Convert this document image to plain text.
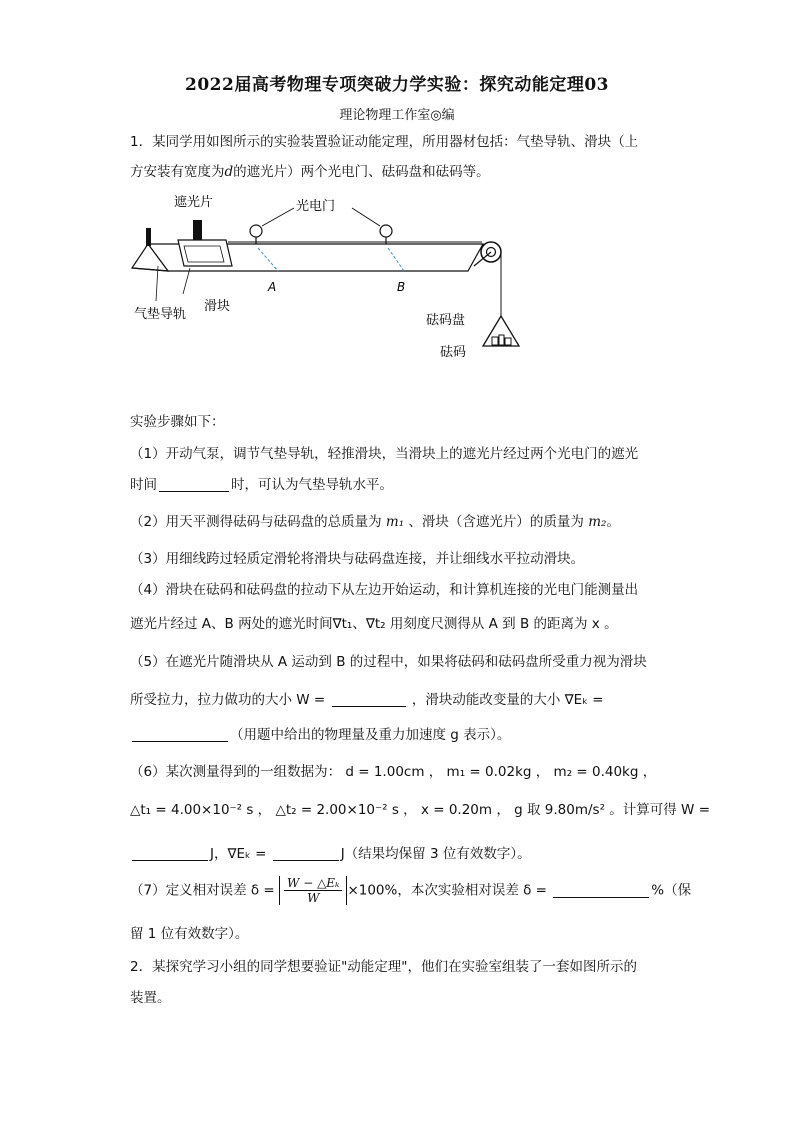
2022届高考物理专项突破力学实验：探究动能定理03
理论物理工作室◎编
1．某同学用如图所示的实验装置验证动能定理，所用器材包括：气垫导轨、滑块（上
方安装有宽度为d的遮光片）两个光电门、砝码盘和砝码等。
遮光片	光电门
A	B
滑块
气垫导轨	砝码盘
砝码
实验步骤如下：
（1）开动气泵，调节气垫导轨，轻推滑块，当滑块上的遮光片经过两个光电门的遮光
时间	时，可认为气垫导轨水平。
（2）用天平测得砝码与砝码盘的总质量为 m₁ 、滑块（含遮光片）的质量为 m₂。
（3）用细线跨过轻质定滑轮将滑块与砝码盘连接，并让细线水平拉动滑块。
（4）滑块在砝码和砝码盘的拉动下从左边开始运动，和计算机连接的光电门能测量出
遮光片经过 A、B 两处的遮光时间∇t₁、∇t₂ 用刻度尺测得从 A 到 B 的距离为 x 。
（5）在遮光片随滑块从 A 运动到 B 的过程中，如果将砝码和砝码盘所受重力视为滑块
所受拉力，拉力做功的大小 W =	，滑块动能改变量的大小 ∇Eₖ =
（用题中给出的物理量及重力加速度 g 表示）。
（6）某次测量得到的一组数据为： d = 1.00cm ， m₁ = 0.02kg ， m₂ = 0.40kg ，
△t₁ = 4.00×10⁻² s ， △t₂ = 2.00×10⁻² s ， x = 0.20m ， g 取 9.80m/s² 。计算可得 W =
J，∇Eₖ =	J（结果均保留 3 位有效数字）。
（7）定义相对误差 $\delta = \frac{\text{W − △Eₖ}}{W} \times 100\%$，本次实验相对误差 δ =	%（保
留 1 位有效数字）。
2．某探究学习小组的同学想要验证"动能定理"，他们在实验室组装了一套如图所示的
装置。
